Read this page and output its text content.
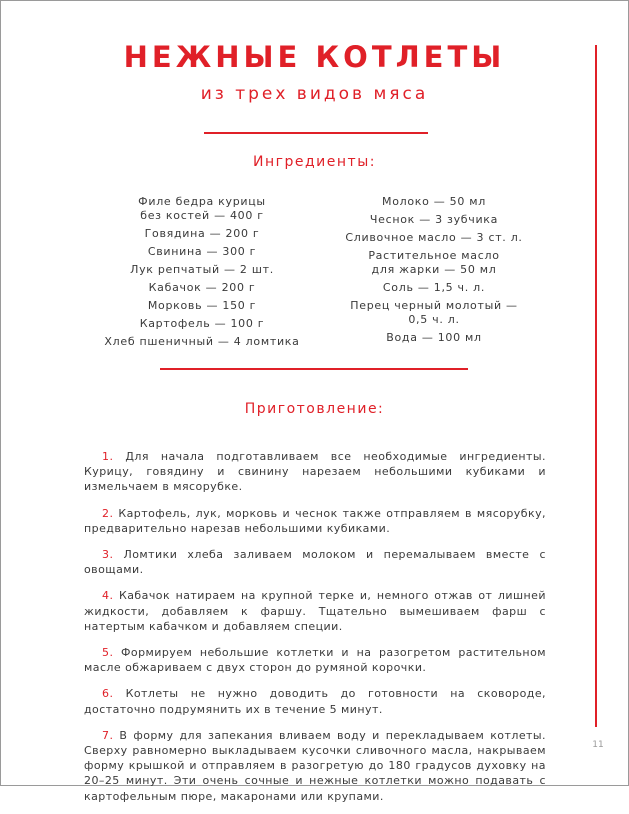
НЕЖНЫЕ КОТЛЕТЫ
из трех видов мяса
Ингредиенты:
Филе бедра курицы
без костей — 400 г
Говядина — 200 г
Свинина — 300 г
Лук репчатый — 2 шт.
Кабачок — 200 г
Морковь — 150 г
Картофель — 100 г
Хлеб пшеничный — 4 ломтика
Молоко — 50 мл
Чеснок — 3 зубчика
Сливочное масло — 3 ст. л.
Растительное масло
для жарки — 50 мл
Соль — 1,5 ч. л.
Перец черный молотый —
0,5 ч. л.
Вода — 100 мл
Приготовление:

1. Для начала подготавливаем все необходимые ингредиенты. Курицу, говядину и свинину нарезаем небольшими кубиками и измельчаем в мясорубке.

2. Картофель, лук, морковь и чеснок также отправляем в мясорубку, предварительно нарезав небольшими кубиками.

3. Ломтики хлеба заливаем молоком и перемалываем вместе с овощами.

4. Кабачок натираем на крупной терке и, немного отжав от лишней жидкости, добавляем к фаршу. Тщательно вымешиваем фарш с натертым кабачком и добавляем специи.

5. Формируем небольшие котлетки и на разогретом растительном масле обжариваем с двух сторон до румяной корочки.

6. Котлеты не нужно доводить до готовности на сковороде, достаточно подрумянить их в течение 5 минут.

7. В форму для запекания вливаем воду и перекладываем котлеты. Сверху равномерно выкладываем кусочки сливочного масла, накрываем форму крышкой и отправляем в разогретую до 180 градусов духовку на 20–25 минут. Эти очень сочные и нежные котлетки можно подавать с картофельным пюре, макаронами или крупами.

11
